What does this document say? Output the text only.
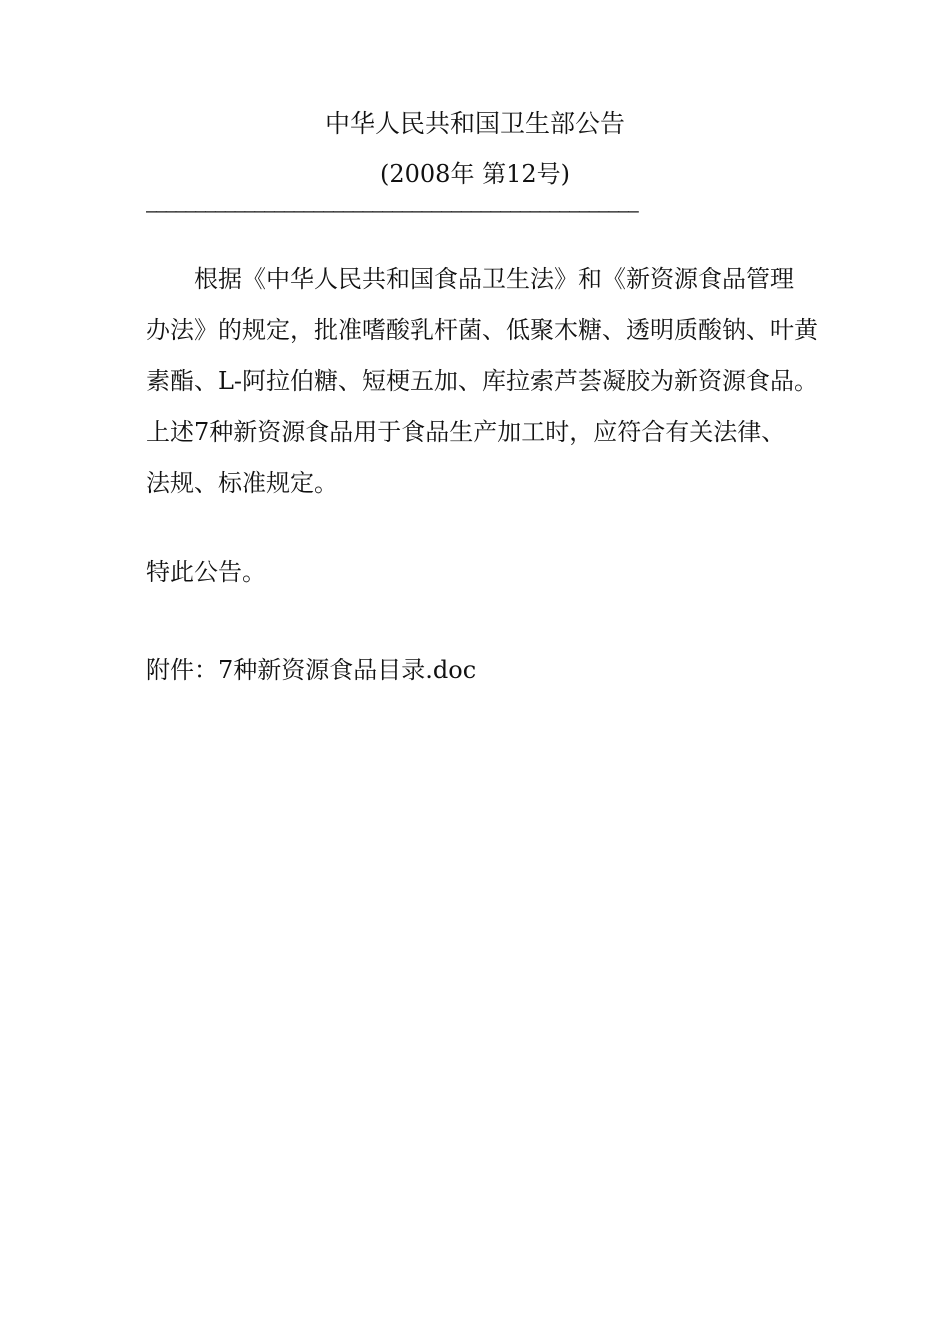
中华人民共和国卫生部公告
(2008年 第12号)
——————————————————————————————————————————————————
根据《中华人民共和国食品卫生法》和《新资源食品管理
办法》的规定，批准嗜酸乳杆菌、低聚木糖、透明质酸钠、叶黄
素酯、L-阿拉伯糖、短梗五加、库拉索芦荟凝胶为新资源食品。
上述7种新资源食品用于食品生产加工时，应符合有关法律、
法规、标准规定。
特此公告。
附件：7种新资源食品目录.doc
